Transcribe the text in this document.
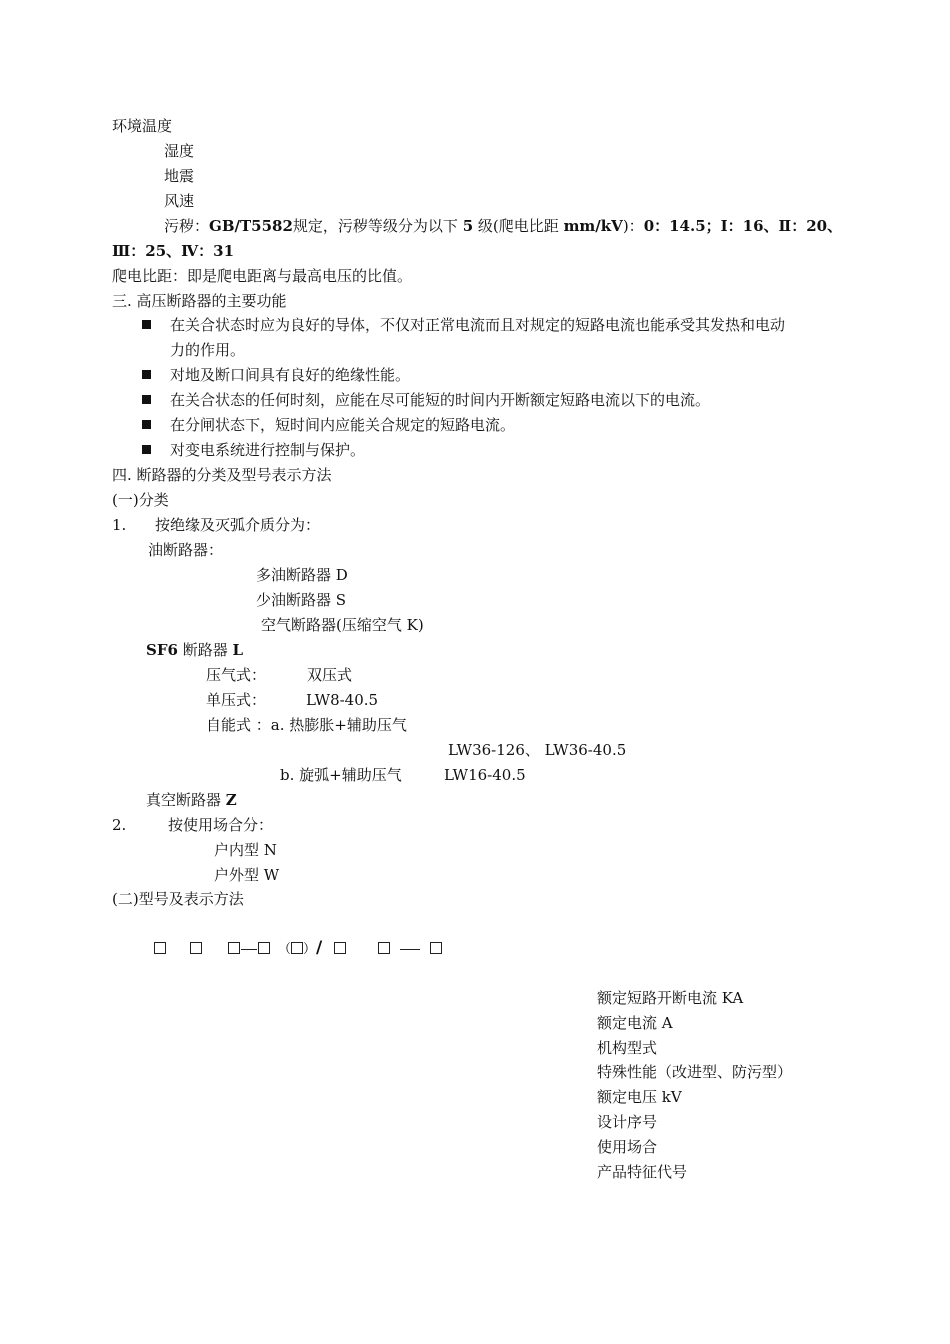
环境温度
湿度
地震
风速
污秽：GB/T5582规定，污秽等级分为以下 5 级(爬电比距 mm/kV)：0：14.5；Ⅰ：16、Ⅱ：20、
Ⅲ：25、Ⅳ：31
爬电比距：即是爬电距离与最高电压的比值。
三. 高压断路器的主要功能
在关合状态时应为良好的导体，不仅对正常电流而且对规定的短路电流也能承受其发热和电动
力的作用。
对地及断口间具有良好的绝缘性能。
在关合状态的任何时刻，应能在尽可能短的时间内开断额定短路电流以下的电流。
在分闸状态下，短时间内应能关合规定的短路电流。
对变电系统进行控制与保护。
四. 断路器的分类及型号表示方法
(一)分类
1. 按绝缘及灭弧介质分为：
油断路器：
多油断路器 D
少油断路器 S
空气断路器(压缩空气 K)
SF6 断路器 L
压气式：	双压式
单压式：	LW8-40.5
自能式 ：a. 热膨胀+辅助压气
LW36-126、 LW36-40.5
b. 旋弧+辅助压气	LW16-40.5
真空断路器 Z
2.	按使用场合分：
户内型 N
户外型 W
(二)型号及表示方法
（ ）/
额定短路开断电流 KA
额定电流 A
机构型式
特殊性能（改进型、防污型）
额定电压 kV
设计序号
使用场合
产品特征代号
